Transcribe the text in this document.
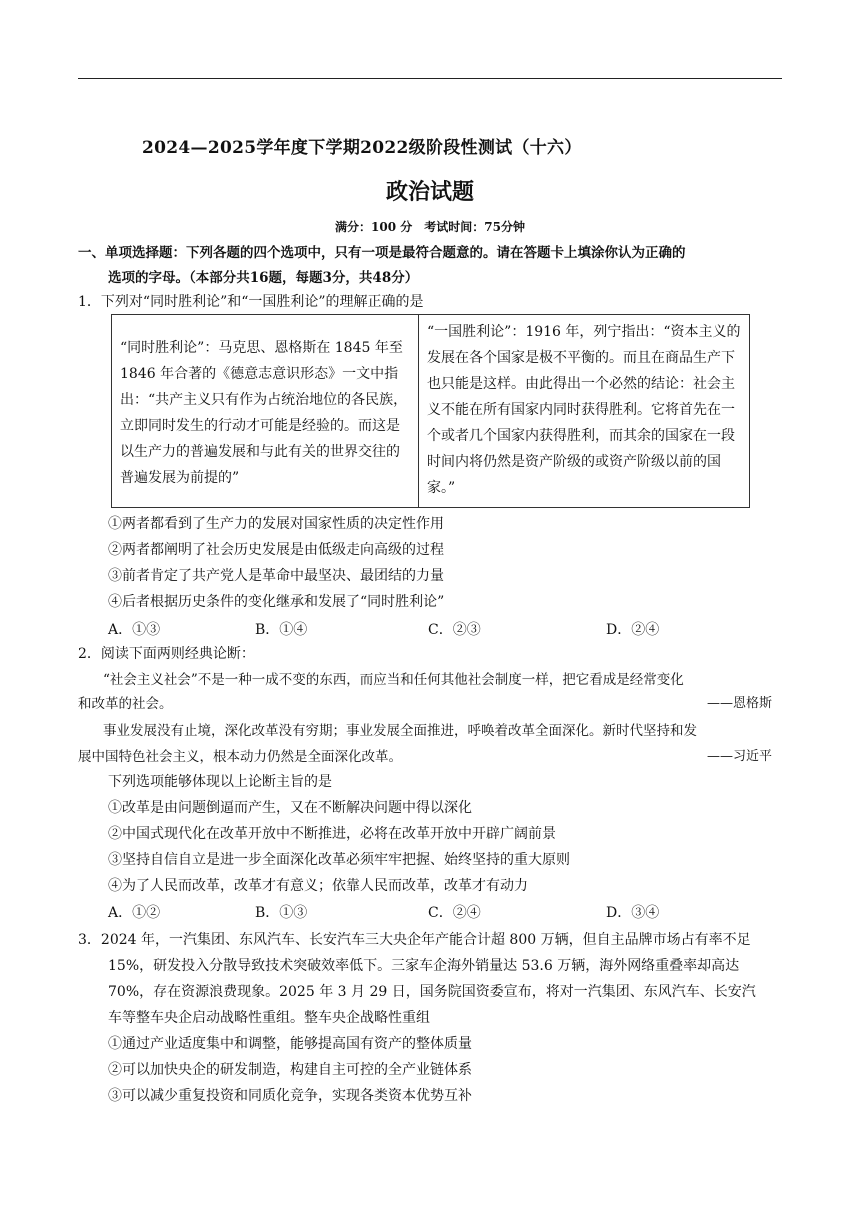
2024—2025学年度下学期2022级阶段性测试（十六）
政治试题
满分：100 分　考试时间：75分钟
一、单项选择题：下列各题的四个选项中，只有一项是最符合题意的。请在答题卡上填涂你认为正确的
选项的字母。（本部分共16题，每题3分，共48分）
1．下列对“同时胜利论”和“一国胜利论”的理解正确的是
“同时胜利论”：马克思、恩格斯在 1845 年至 1846 年合著的《德意志意识形态》一文中指出：“共产主义只有作为占统治地位的各民族，立即同时发生的行动才可能是经验的。而这是以生产力的普遍发展和与此有关的世界交往的普遍发展为前提的”	“一国胜利论”：1916 年，列宁指出：“资本主义的发展在各个国家是极不平衡的。而且在商品生产下也只能是这样。由此得出一个必然的结论：社会主义不能在所有国家内同时获得胜利。它将首先在一个或者几个国家内获得胜利，而其余的国家在一段时间内将仍然是资产阶级的或资产阶级以前的国家。”
①两者都看到了生产力的发展对国家性质的决定性作用
②两者都阐明了社会历史发展是由低级走向高级的过程
③前者肯定了共产党人是革命中最坚决、最团结的力量
④后者根据历史条件的变化继承和发展了“同时胜利论”
A．①③	B．①④	C．②③	D．②④
2．阅读下面两则经典论断：
“社会主义社会”不是一种一成不变的东西，而应当和任何其他社会制度一样，把它看成是经常变化
和改革的社会。	——恩格斯
事业发展没有止境，深化改革没有穷期；事业发展全面推进，呼唤着改革全面深化。新时代坚持和发
展中国特色社会主义，根本动力仍然是全面深化改革。	——习近平
下列选项能够体现以上论断主旨的是
①改革是由问题倒逼而产生，又在不断解决问题中得以深化
②中国式现代化在改革开放中不断推进，必将在改革开放中开辟广阔前景
③坚持自信自立是进一步全面深化改革必须牢牢把握、始终坚持的重大原则
④为了人民而改革，改革才有意义；依靠人民而改革，改革才有动力
A．①②	B．①③	C．②④	D．③④
3．2024 年，一汽集团、东风汽车、长安汽车三大央企年产能合计超 800 万辆，但自主品牌市场占有率不足
15%，研发投入分散导致技术突破效率低下。三家车企海外销量达 53.6 万辆，海外网络重叠率却高达
70%，存在资源浪费现象。2025 年 3 月 29 日，国务院国资委宣布，将对一汽集团、东风汽车、长安汽
车等整车央企启动战略性重组。整车央企战略性重组
①通过产业适度集中和调整，能够提高国有资产的整体质量
②可以加快央企的研发制造，构建自主可控的全产业链体系
③可以减少重复投资和同质化竞争，实现各类资本优势互补
